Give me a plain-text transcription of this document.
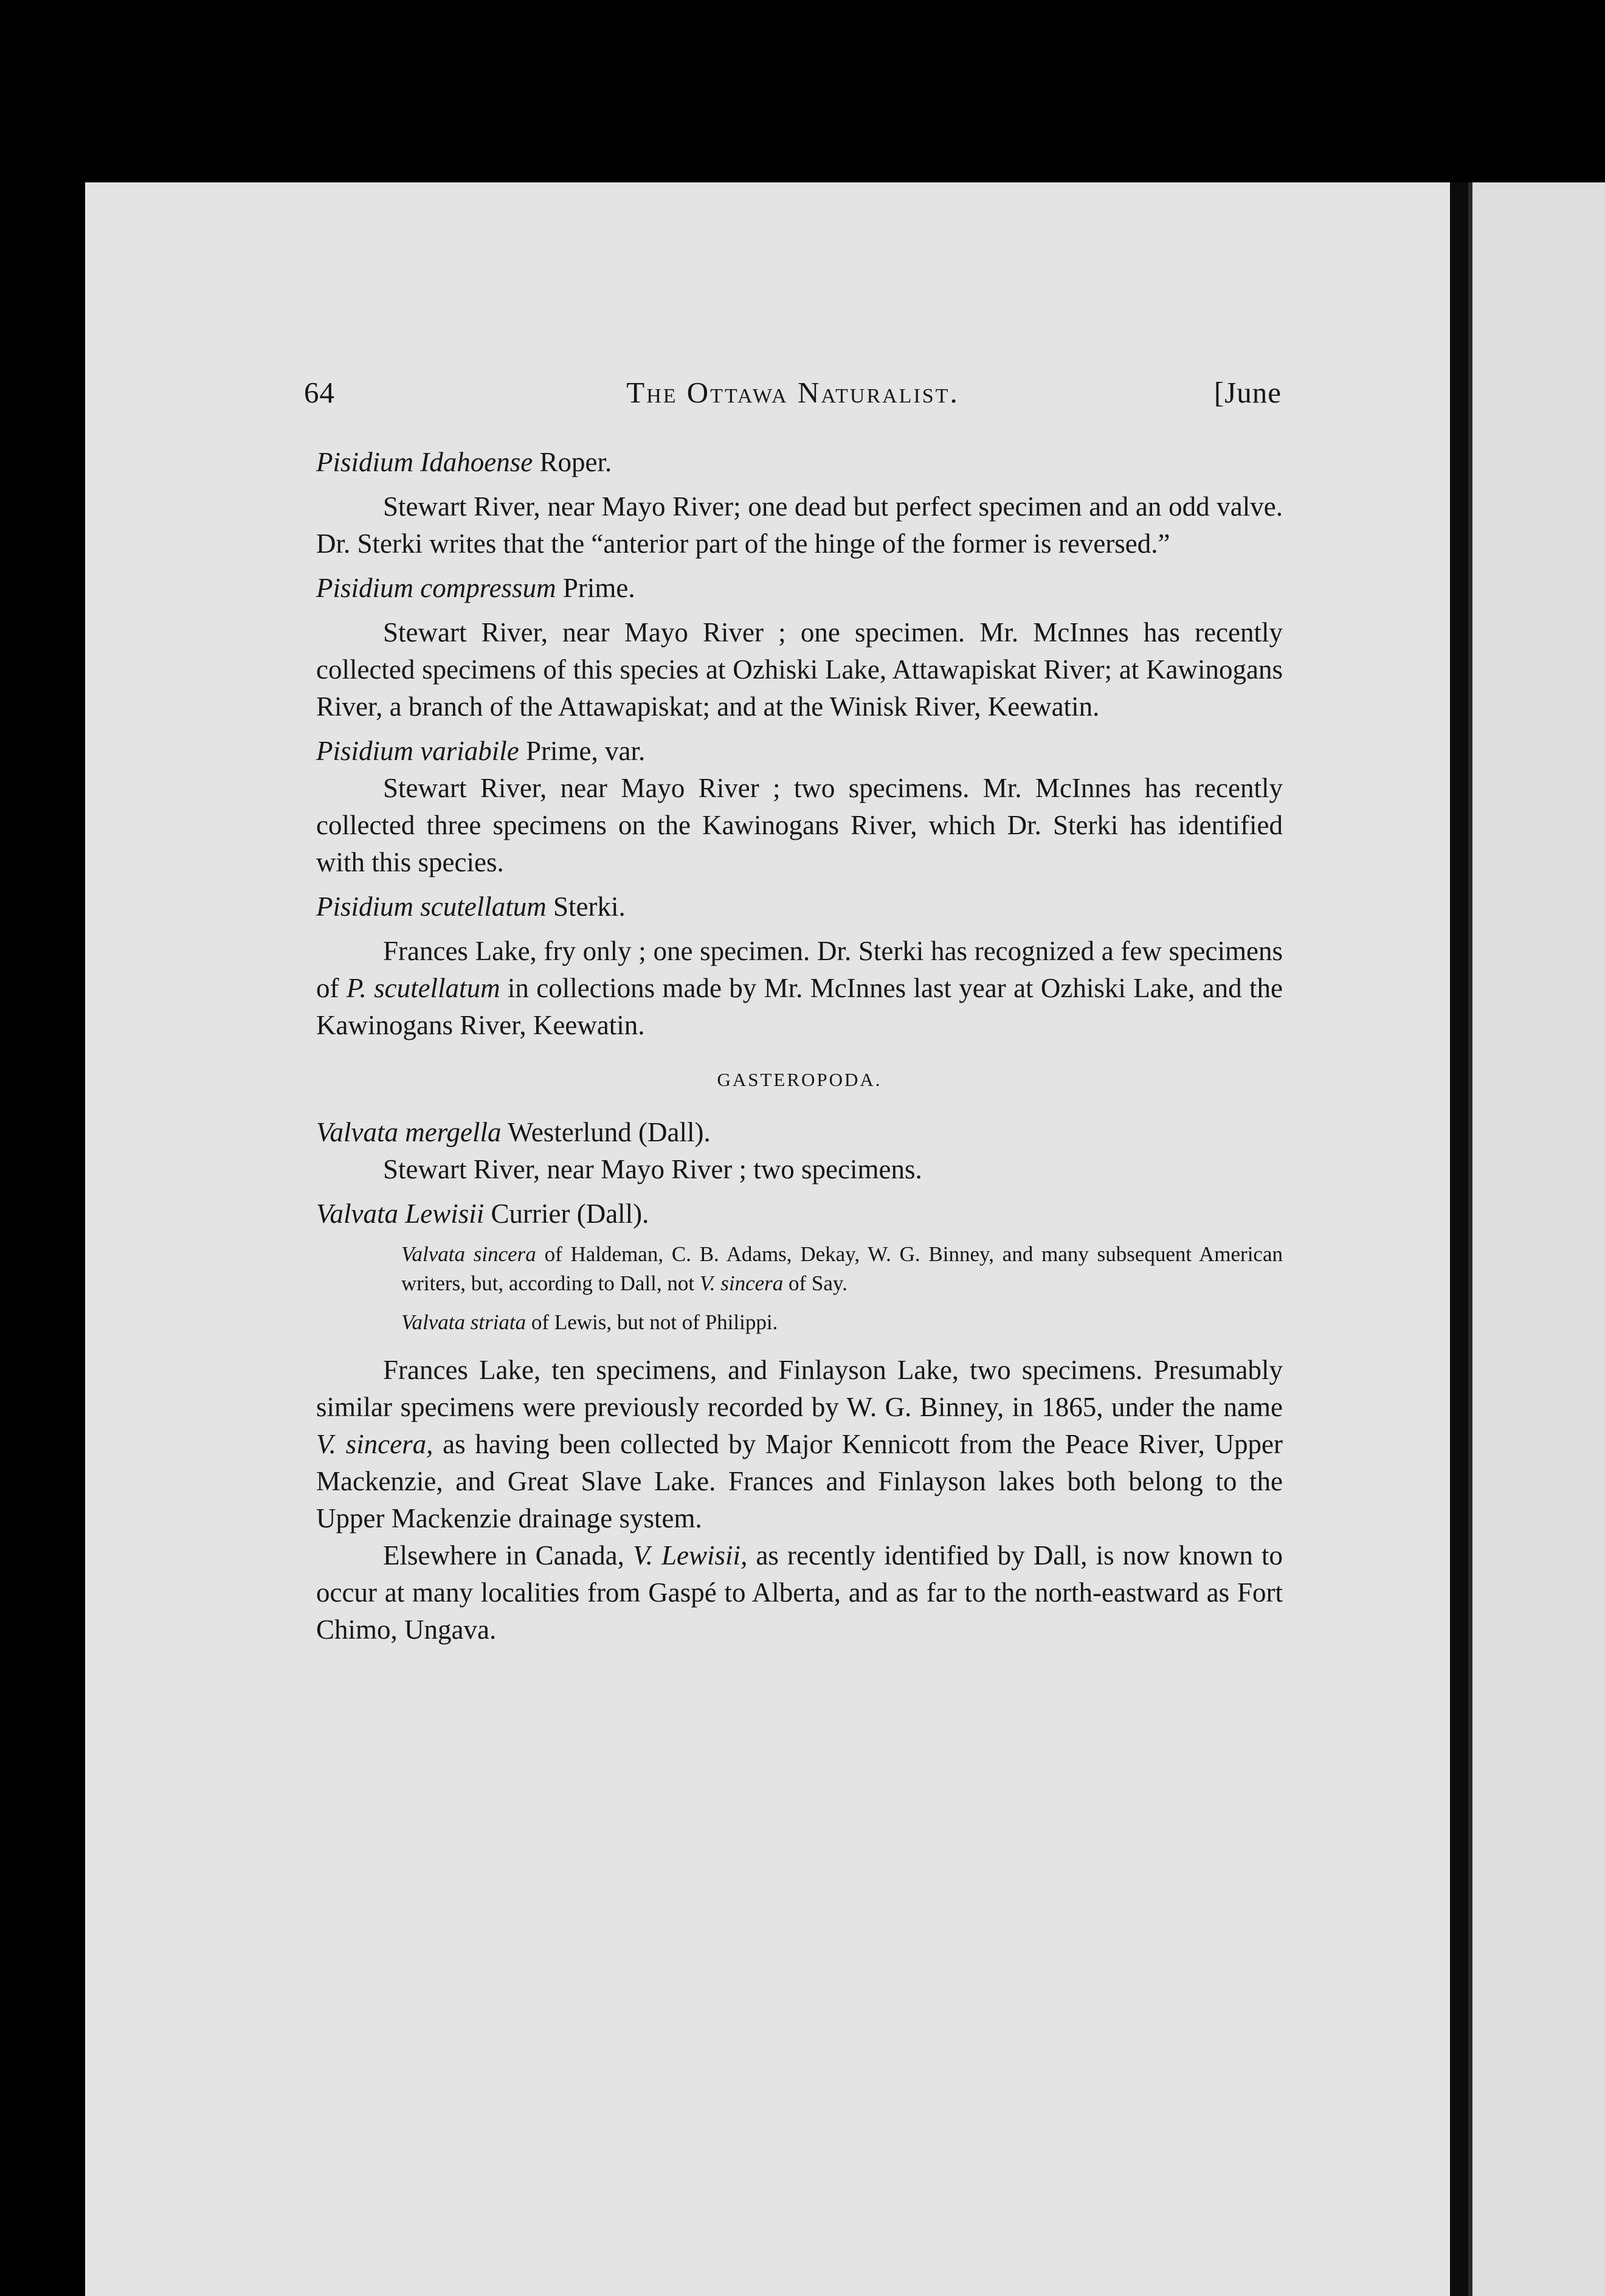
64	The Ottawa Naturalist.	[June

Pisidium Idahoense Roper.

Stewart River, near Mayo River; one dead but perfect specimen and an odd valve. Dr. Sterki writes that the “anterior part of the hinge of the former is reversed.”

Pisidium compressum Prime.

Stewart River, near Mayo River ; one specimen. Mr. McInnes has recently collected specimens of this species at Ozhiski Lake, Attawapiskat River; at Kawinogans River, a branch of the Attawapiskat; and at the Winisk River, Keewatin.

Pisidium variabile Prime, var.

Stewart River, near Mayo River ; two specimens. Mr. McInnes has recently collected three specimens on the Kawinogans River, which Dr. Sterki has identified with this species.

Pisidium scutellatum Sterki.

Frances Lake, fry only ; one specimen. Dr. Sterki has recognized a few specimens of P. scutellatum in collections made by Mr. McInnes last year at Ozhiski Lake, and the Kawinogans River, Keewatin.

GASTEROPODA.

Valvata mergella Westerlund (Dall).

Stewart River, near Mayo River ; two specimens.

Valvata Lewisii Currier (Dall).

Valvata sincera of Haldeman, C. B. Adams, Dekay, W. G. Binney, and many subsequent American writers, but, according to Dall, not V. sincera of Say.

Valvata striata of Lewis, but not of Philippi.

Frances Lake, ten specimens, and Finlayson Lake, two specimens. Presumably similar specimens were previously recorded by W. G. Binney, in 1865, under the name V. sincera, as having been collected by Major Kennicott from the Peace River, Upper Mackenzie, and Great Slave Lake. Frances and Finlayson lakes both belong to the Upper Mackenzie drainage system.

Elsewhere in Canada, V. Lewisii, as recently identified by Dall, is now known to occur at many localities from Gaspé to Alberta, and as far to the north-eastward as Fort Chimo, Ungava.
